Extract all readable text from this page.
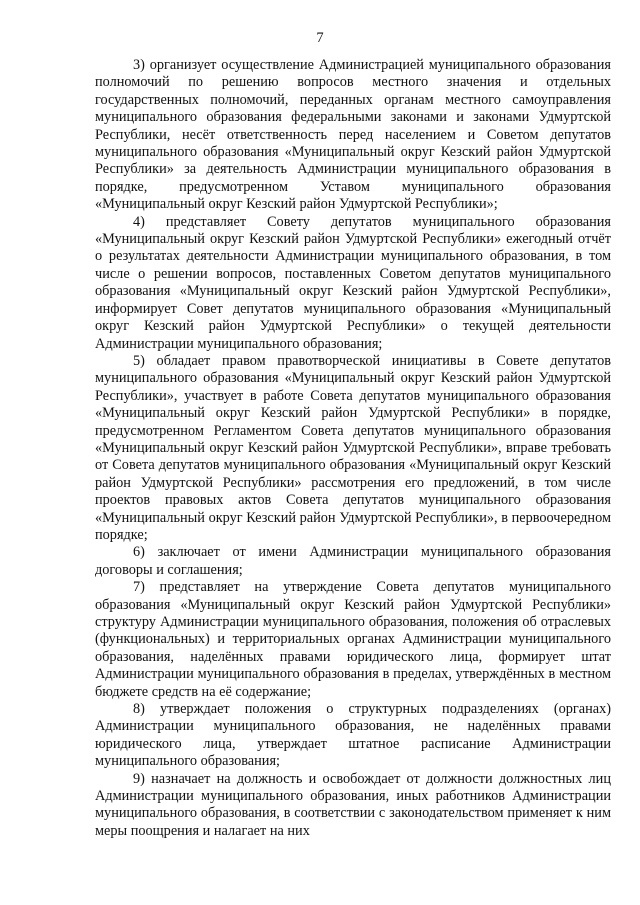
7

3) организует осуществление Администрацией муниципального образования полномочий по решению вопросов местного значения и отдельных государственных полномочий, переданных органам местного самоуправления муниципального образования федеральными законами и законами Удмуртской Республики, несёт ответственность перед населением и Советом депутатов муниципального образования «Муниципальный округ Кезский район Удмуртской Республики» за деятельность Администрации муниципального образования в порядке, предусмотренном Уставом муниципального образования «Муниципальный округ Кезский район Удмуртской Республики»;

4) представляет Совету депутатов муниципального образования «Муниципальный округ Кезский район Удмуртской Республики» ежегодный отчёт о результатах деятельности Администрации муниципального образования, в том числе о решении вопросов, поставленных Советом депутатов муниципального образования «Муниципальный округ Кезский район Удмуртской Республики», информирует Совет депутатов муниципального образования «Муниципальный округ Кезский район Удмуртской Республики» о текущей деятельности Администрации муниципального образования;

5) обладает правом правотворческой инициативы в Совете депутатов муниципального образования «Муниципальный округ Кезский район Удмуртской Республики», участвует в работе Совета депутатов муниципального образования «Муниципальный округ Кезский район Удмуртской Республики» в порядке, предусмотренном Регламентом Совета депутатов муниципального образования «Муниципальный округ Кезский район Удмуртской Республики», вправе требовать от Совета депутатов муниципального образования «Муниципальный округ Кезский район Удмуртской Республики» рассмотрения его предложений, в том числе проектов правовых актов Совета депутатов муниципального образования «Муниципальный округ Кезский район Удмуртской Республики», в первоочередном порядке;

6) заключает от имени Администрации муниципального образования договоры и соглашения;

7) представляет на утверждение Совета депутатов муниципального образования «Муниципальный округ Кезский район Удмуртской Республики» структуру Администрации муниципального образования, положения об отраслевых (функциональных) и территориальных органах Администрации муниципального образования, наделённых правами юридического лица, формирует штат Администрации муниципального образования в пределах, утверждённых в местном бюджете средств на её содержание;

8) утверждает положения о структурных подразделениях (органах) Администрации муниципального образования, не наделённых правами юридического лица, утверждает штатное расписание Администрации муниципального образования;

9) назначает на должность и освобождает от должности должностных лиц Администрации муниципального образования, иных работников Администрации муниципального образования, в соответствии с законодательством применяет к ним меры поощрения и налагает на них
